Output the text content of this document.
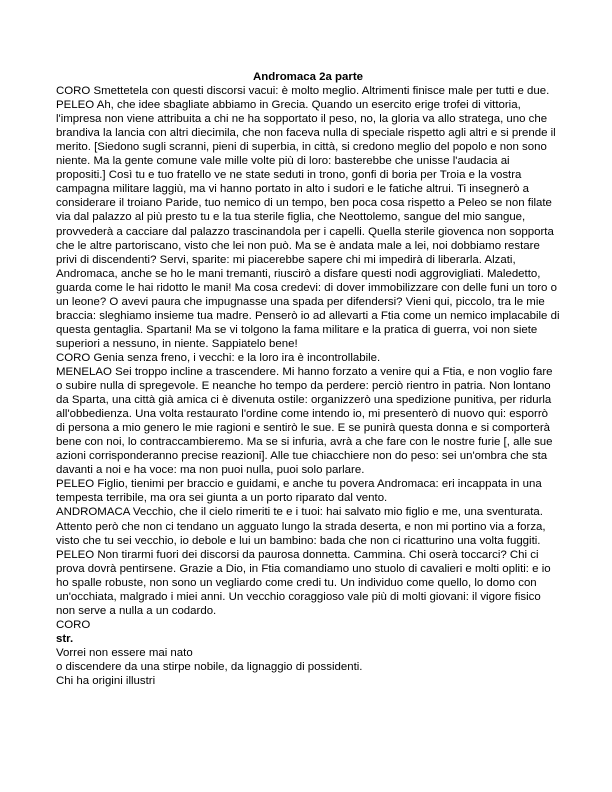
Andromaca 2a parte

CORO Smettetela con questi discorsi vacui: è molto meglio. Altrimenti finisce male per tutti e due.

PELEO Ah, che idee sbagliate abbiamo in Grecia. Quando un esercito erige trofei di vittoria, l'impresa non viene attribuita a chi ne ha sopportato il peso, no, la gloria va allo stratega, uno che brandiva la lancia con altri diecimila, che non faceva nulla di speciale rispetto agli altri e si prende il merito. [Siedono sugli scranni, pieni di superbia, in città, si credono meglio del popolo e non sono niente. Ma la gente comune vale mille volte più di loro: basterebbe che unisse l'audacia ai propositi.] Così tu e tuo fratello ve ne state seduti in trono, gonfi di boria per Troia e la vostra campagna militare laggiù, ma vi hanno portato in alto i sudori e le fatiche altrui. Ti insegnerò a considerare il troiano Paride, tuo nemico di un tempo, ben poca cosa rispetto a Peleo se non filate via dal palazzo al più presto tu e la tua sterile figlia, che Neottolemo, sangue del mio sangue, provvederà a cacciare dal palazzo trascinandola per i capelli. Quella sterile giovenca non sopporta che le altre partoriscano, visto che lei non può. Ma se è andata male a lei, noi dobbiamo restare privi di discendenti? Servi, sparite: mi piacerebbe sapere chi mi impedirà di liberarla. Alzati, Andromaca, anche se ho le mani tremanti, riuscirò a disfare questi nodi aggrovigliati. Maledetto, guarda come le hai ridotto le mani! Ma cosa credevi: di dover immobilizzare con delle funi un toro o un leone? O avevi paura che impugnasse una spada per difendersi? Vieni qui, piccolo, tra le mie braccia: sleghiamo insieme tua madre. Penserò io ad allevarti a Ftia come un nemico implacabile di questa gentaglia. Spartani! Ma se vi tolgono la fama militare e la pratica di guerra, voi non siete superiori a nessuno, in niente. Sappiatelo bene!

CORO Genia senza freno, i vecchi: e la loro ira è incontrollabile.

MENELAO Sei troppo incline a trascendere. Mi hanno forzato a venire qui a Ftia, e non voglio fare o subire nulla di spregevole. E neanche ho tempo da perdere: perciò rientro in patria. Non lontano da Sparta, una città già amica ci è divenuta ostile: organizzerò una spedizione punitiva, per ridurla all'obbedienza. Una volta restaurato l'ordine come intendo io, mi presenterò di nuovo qui: esporrò di persona a mio genero le mie ragioni e sentirò le sue. E se punirà questa donna e si comporterà bene con noi, lo contraccambieremo. Ma se si infuria, avrà a che fare con le nostre furie [, alle sue azioni corrisponderanno precise reazioni]. Alle tue chiacchiere non do peso: sei un'ombra che sta davanti a noi e ha voce: ma non puoi nulla, puoi solo parlare.

PELEO Figlio, tienimi per braccio e guidami, e anche tu povera Andromaca: eri incappata in una tempesta terribile, ma ora sei giunta a un porto riparato dal vento.

ANDROMACA Vecchio, che il cielo rimeriti te e i tuoi: hai salvato mio figlio e me, una sventurata. Attento però che non ci tendano un agguato lungo la strada deserta, e non mi portino via a forza, visto che tu sei vecchio, io debole e lui un bambino: bada che non ci ricatturino una volta fuggiti.

PELEO Non tirarmi fuori dei discorsi da paurosa donnetta. Cammina. Chi oserà toccarci? Chi ci prova dovrà pentirsene. Grazie a Dio, in Ftia comandiamo uno stuolo di cavalieri e molti opliti: e io ho spalle robuste, non sono un vegliardo come credi tu. Un individuo come quello, lo domo con un'occhiata, malgrado i miei anni. Un vecchio coraggioso vale più di molti giovani: il vigore fisico non serve a nulla a un codardo.

CORO

str.

Vorrei non essere mai nato

o discendere da una stirpe nobile, da lignaggio di possidenti.

Chi ha origini illustri
